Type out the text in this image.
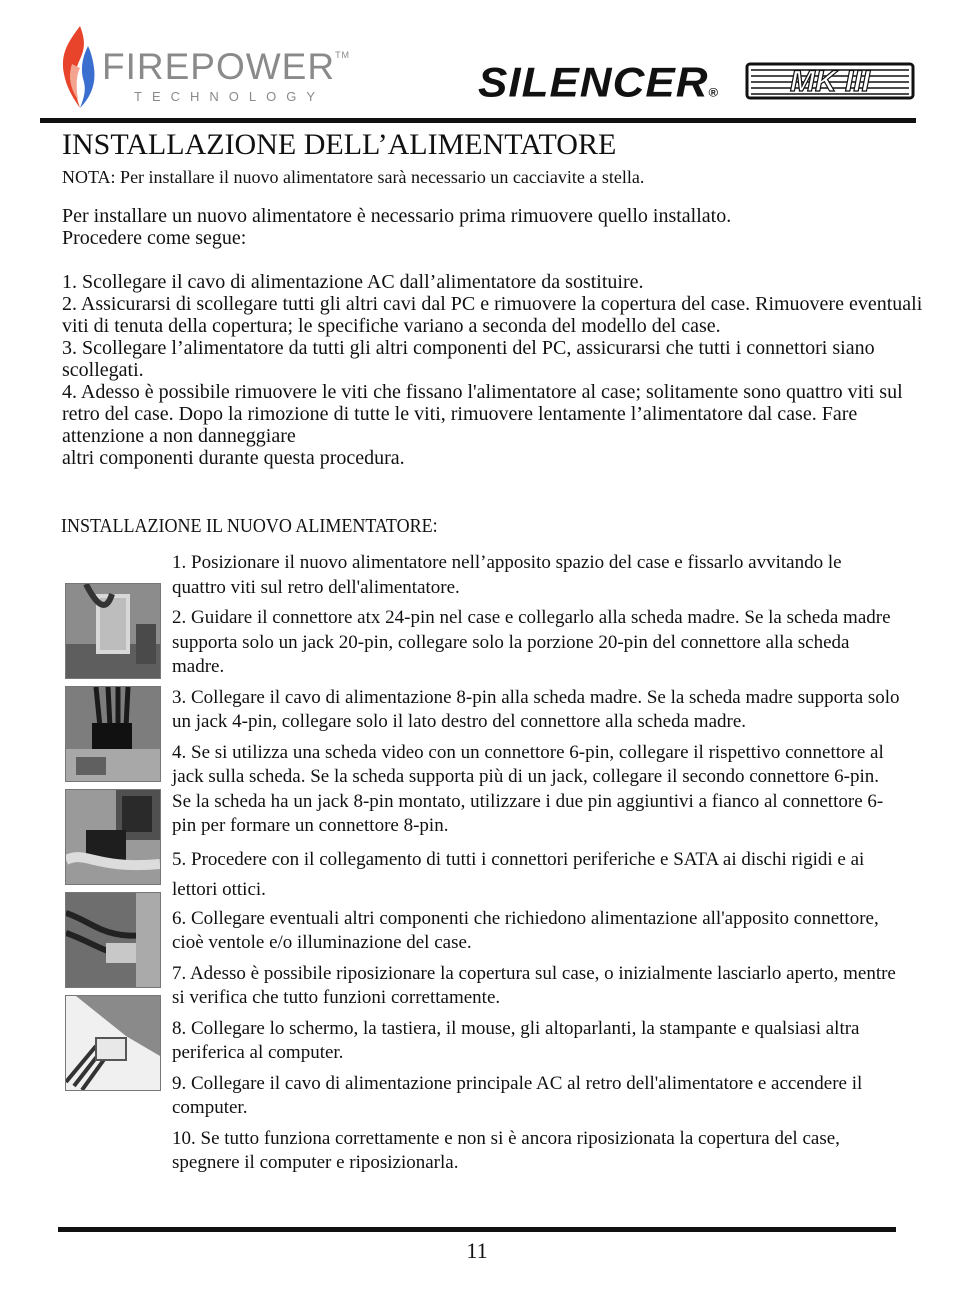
FIREPOWER™
TECHNOLOGY	SILENCER® MK III
INSTALLAZIONE DELL’ALIMENTATORE
NOTA: Per installare il nuovo alimentatore sarà necessario un cacciavite a stella.

Per installare un nuovo alimentatore è necessario prima rimuovere quello installato.

Procedere come segue:

1. Scollegare il cavo di alimentazione AC dall’alimentatore da sostituire.

2. Assicurarsi di scollegare tutti gli altri cavi dal PC e rimuovere la copertura del case. Rimuovere eventuali viti di tenuta della copertura; le specifiche variano a seconda del modello del case.

3. Scollegare l’alimentatore da tutti gli altri componenti del PC, assicurarsi che tutti i connettori siano scollegati.

4. Adesso è possibile rimuovere le viti che fissano l'alimentatore al case; solitamente sono quattro viti sul retro del case. Dopo la rimozione di tutte le viti, rimuovere lentamente l’alimentatore dal case. Fare attenzione a non danneggiare

altri componenti durante questa procedura.

INSTALLAZIONE IL NUOVO ALIMENTATORE:

1. Posizionare il nuovo alimentatore nell’apposito spazio del case e fissarlo avvitando le quattro viti sul retro dell'alimentatore.

2. Guidare il connettore atx 24-pin nel case e collegarlo alla scheda madre. Se la scheda madre supporta solo un jack 20-pin, collegare solo la porzione 20-pin del connettore alla scheda madre.

3. Collegare il cavo di alimentazione 8-pin alla scheda madre. Se la scheda madre supporta solo un jack 4-pin, collegare solo il lato destro del connettore alla scheda madre.

4. Se si utilizza una scheda video con un connettore 6-pin, collegare il rispettivo connettore al jack sulla scheda. Se la scheda supporta più di un jack, collegare il secondo connettore 6-pin. Se la scheda ha un jack 8-pin montato, utilizzare i due pin aggiuntivi a fianco al connettore 6-pin per formare un connettore 8-pin.

5. Procedere con il collegamento di tutti i connettori periferiche e SATA ai dischi rigidi e ai lettori ottici.

6. Collegare eventuali altri componenti che richiedono alimentazione all'apposito connettore, cioè ventole e/o illuminazione del case.

7. Adesso è possibile riposizionare la copertura sul case, o inizialmente lasciarlo aperto, mentre si verifica che tutto funzioni correttamente.

8. Collegare lo schermo, la tastiera, il mouse, gli altoparlanti, la stampante e qualsiasi altra periferica al computer.

9. Collegare il cavo di alimentazione principale AC al retro dell'alimentatore e accendere il computer.

10. Se tutto funziona correttamente e non si è ancora riposizionata la copertura del case, spegnere il computer e riposizionarla.

11
